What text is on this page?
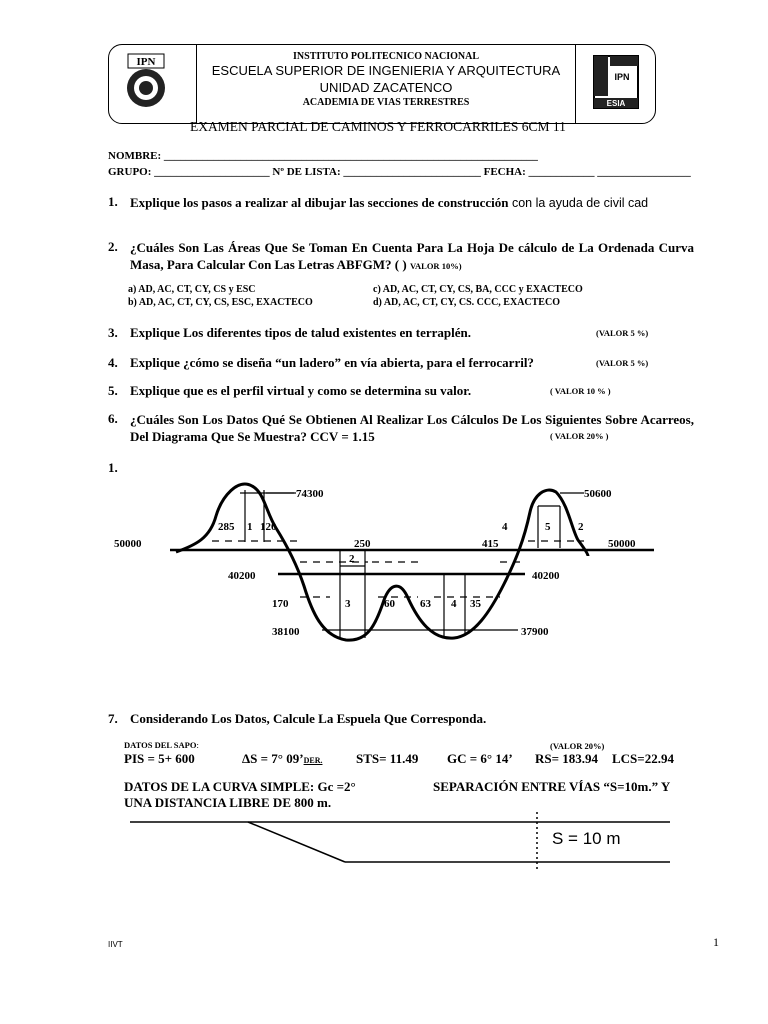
IPN
IPN
ESIA
INSTITUTO POLITECNICO NACIONAL
ESCUELA SUPERIOR DE INGENIERIA Y ARQUITECTURA
UNIDAD ZACATENCO
ACADEMIA DE VIAS TERRESTRES
EXAMEN PARCIAL DE CAMINOS Y FERROCARRILES 6CM 11
NOMBRE: ____________________________________________________________________
GRUPO: _____________________ Nº DE LISTA: _________________________ FECHA: ____________ _________________
1. Explique los pasos a realizar al dibujar las secciones de construcción con la ayuda de civil cad
2. ¿Cuáles Son Las Áreas Que Se Toman En Cuenta Para La Hoja De cálculo de La Ordenada Curva Masa, Para Calcular Con Las Letras ABFGM? ( ) VALOR 10%)
a) AD, AC, CT, CY, CS y ESC
b) AD, AC, CT, CY, CS, ESC, EXACTECO
c) AD, AC, CT, CY, CS, BA, CCC y EXACTECO
d) AD, AC, CT, CY, CS. CCC, EXACTECO
3. Explique Los diferentes tipos de talud existentes en terraplén.	(VALOR 5 %)
4. Explique ¿cómo se diseña “un ladero” en vía abierta, para el ferrocarril?	(VALOR 5 %)
5. Explique que es el perfil virtual y como se determina su valor.	( VALOR 10 % )
6. ¿Cuáles Son Los Datos Qué Se Obtienen Al Realizar Los Cálculos De Los Siguientes Sobre Acarreos, Del Diagrama Que Se Muestra? CCV = 1.15	( VALOR 20% )
1.
74300	50600
50000	50000
285 1 120
250	415
4	5	2
2
40200	40200
170	3	60 63 4 35
38100	37900
7. Considerando Los Datos, Calcule La Espuela Que Corresponda.
DATOS DEL SAPO:	(VALOR 20%)
PIS = 5+ 600	ΔS = 7° 09’DER.	STS= 11.49 GC = 6° 14’ RS= 183.94 LCS=22.94
DATOS DE LA CURVA SIMPLE: Gc =2°	SEPARACIÓN ENTRE VÍAS “S=10m.” Y
UNA DISTANCIA LIBRE DE 800 m.
S = 10 m
IIVT	1
